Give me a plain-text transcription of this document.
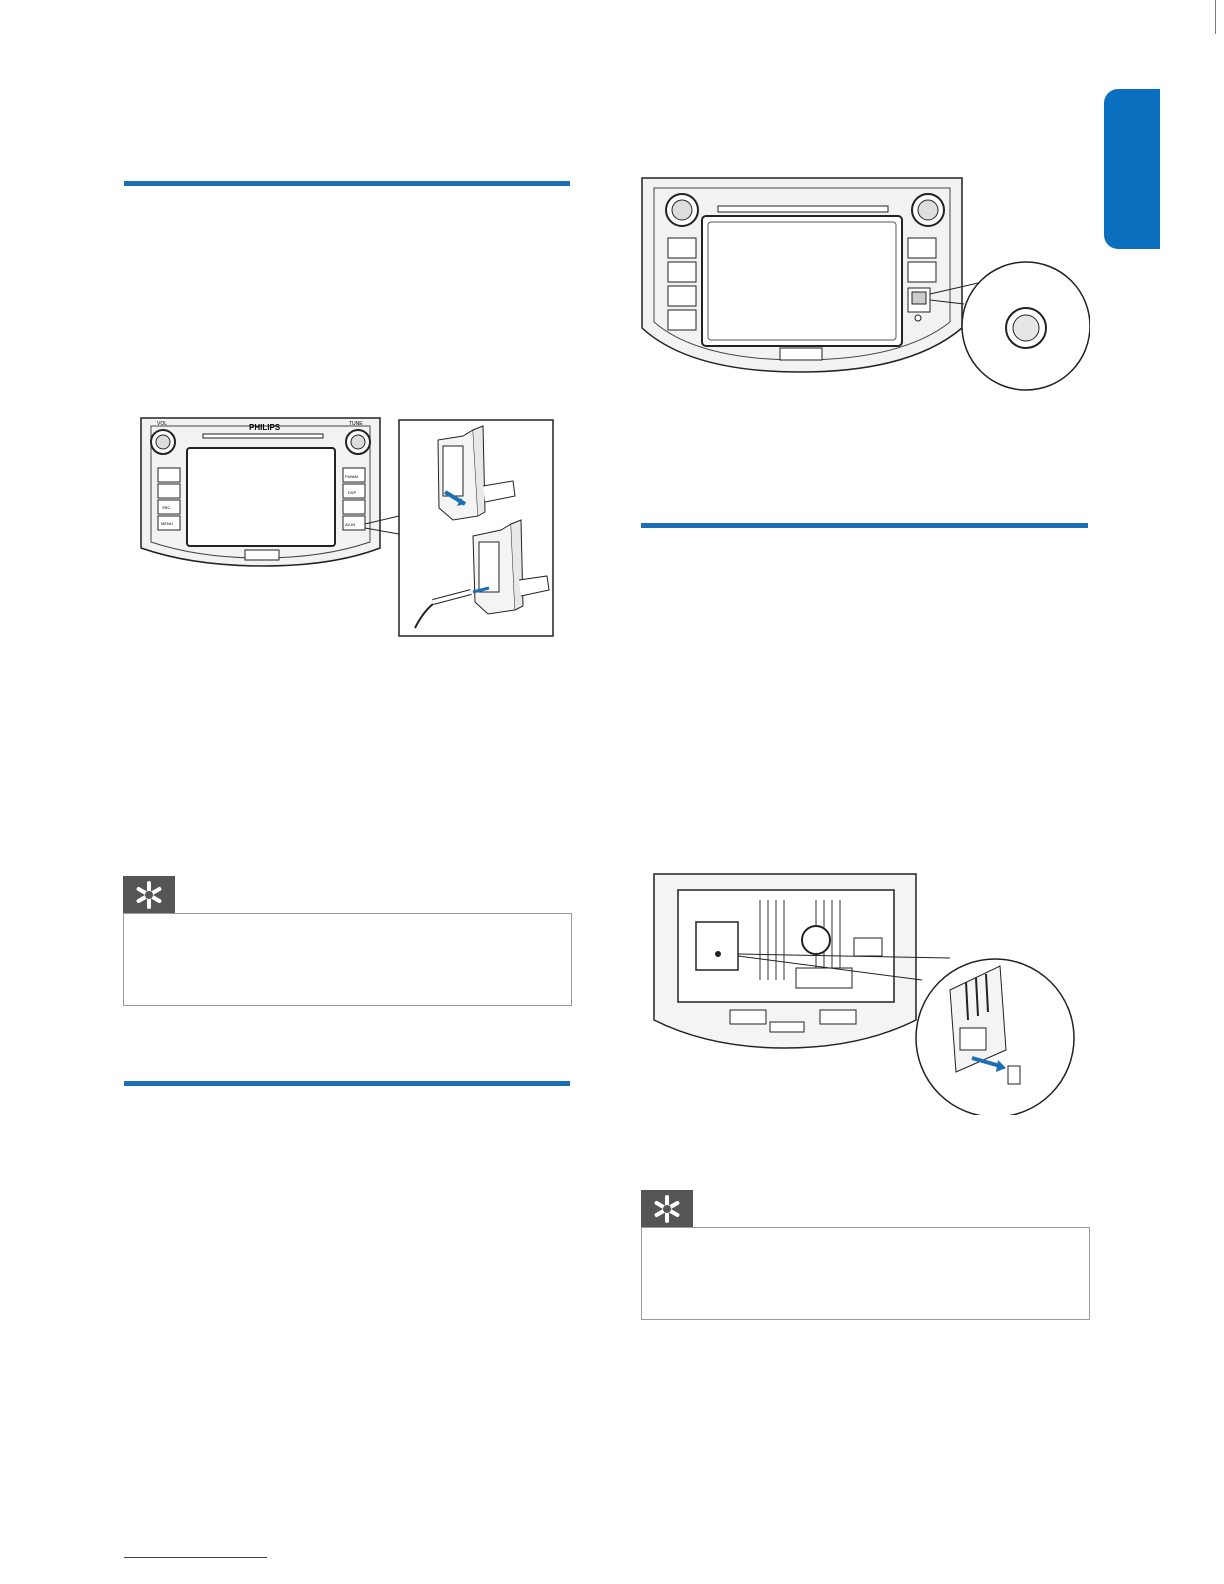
VOL	TUNE
PHILIPS
SRC
MENU
FM/AM
DSP
AV-IN
